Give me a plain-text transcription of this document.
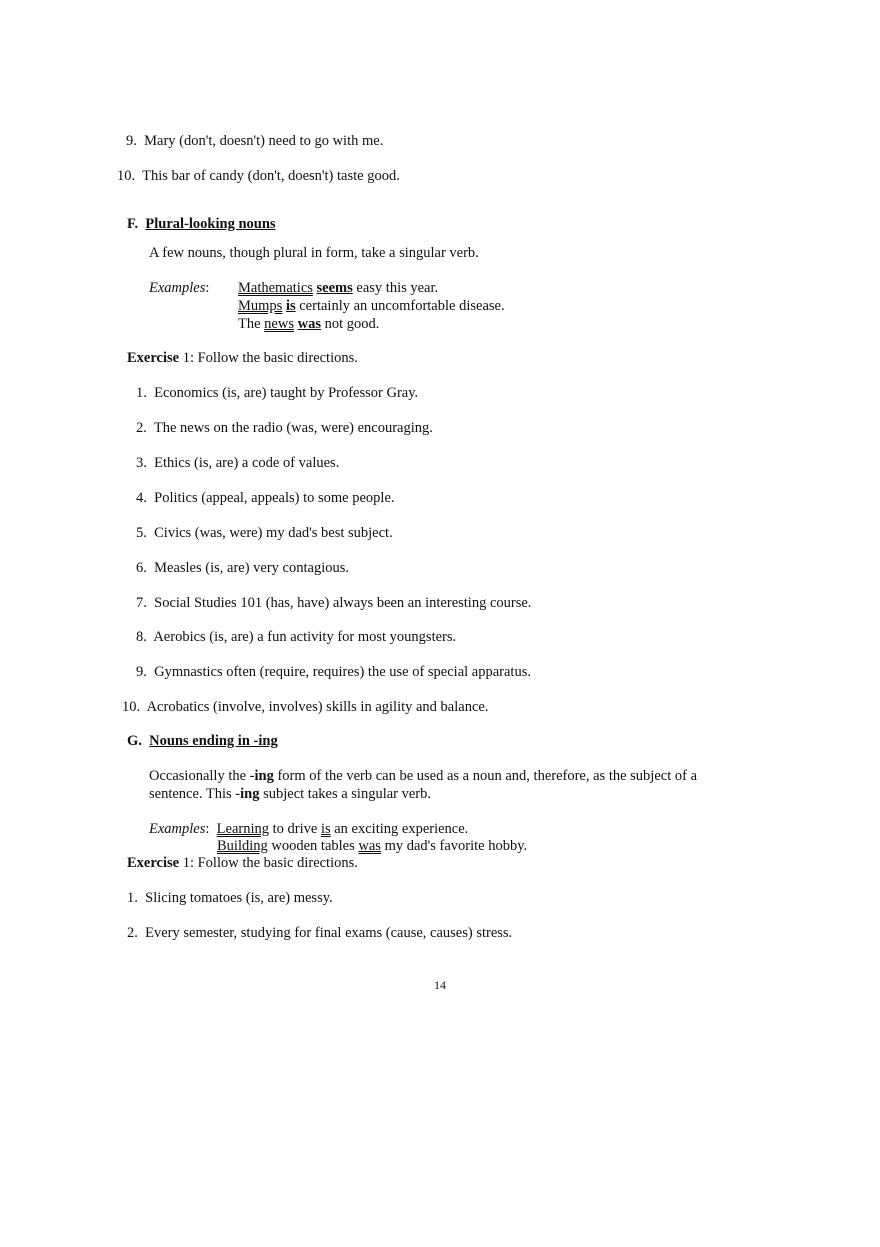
9. Mary (don't, doesn't) need to go with me.
10. This bar of candy (don't, doesn't) taste good.
F. Plural-looking nouns
A few nouns, though plural in form, take a singular verb.
Examples: Mathematics seems easy this year.
Mumps is certainly an uncomfortable disease.
The news was not good.
Exercise 1: Follow the basic directions.
1. Economics (is, are) taught by Professor Gray.
2. The news on the radio (was, were) encouraging.
3. Ethics (is, are) a code of values.
4. Politics (appeal, appeals) to some people.
5. Civics (was, were) my dad's best subject.
6. Measles (is, are) very contagious.
7. Social Studies 101 (has, have) always been an interesting course.
8. Aerobics (is, are) a fun activity for most youngsters.
9. Gymnastics often (require, requires) the use of special apparatus.
10. Acrobatics (involve, involves) skills in agility and balance.
G. Nouns ending in -ing
Occasionally the -ing form of the verb can be used as a noun and, therefore, as the subject of a
sentence. This -ing subject takes a singular verb.
Examples:  Learning to drive is an exciting experience.
Building wooden tables was my dad's favorite hobby.
Exercise 1: Follow the basic directions.
1. Slicing tomatoes (is, are) messy.
2. Every semester, studying for final exams (cause, causes) stress.
14
